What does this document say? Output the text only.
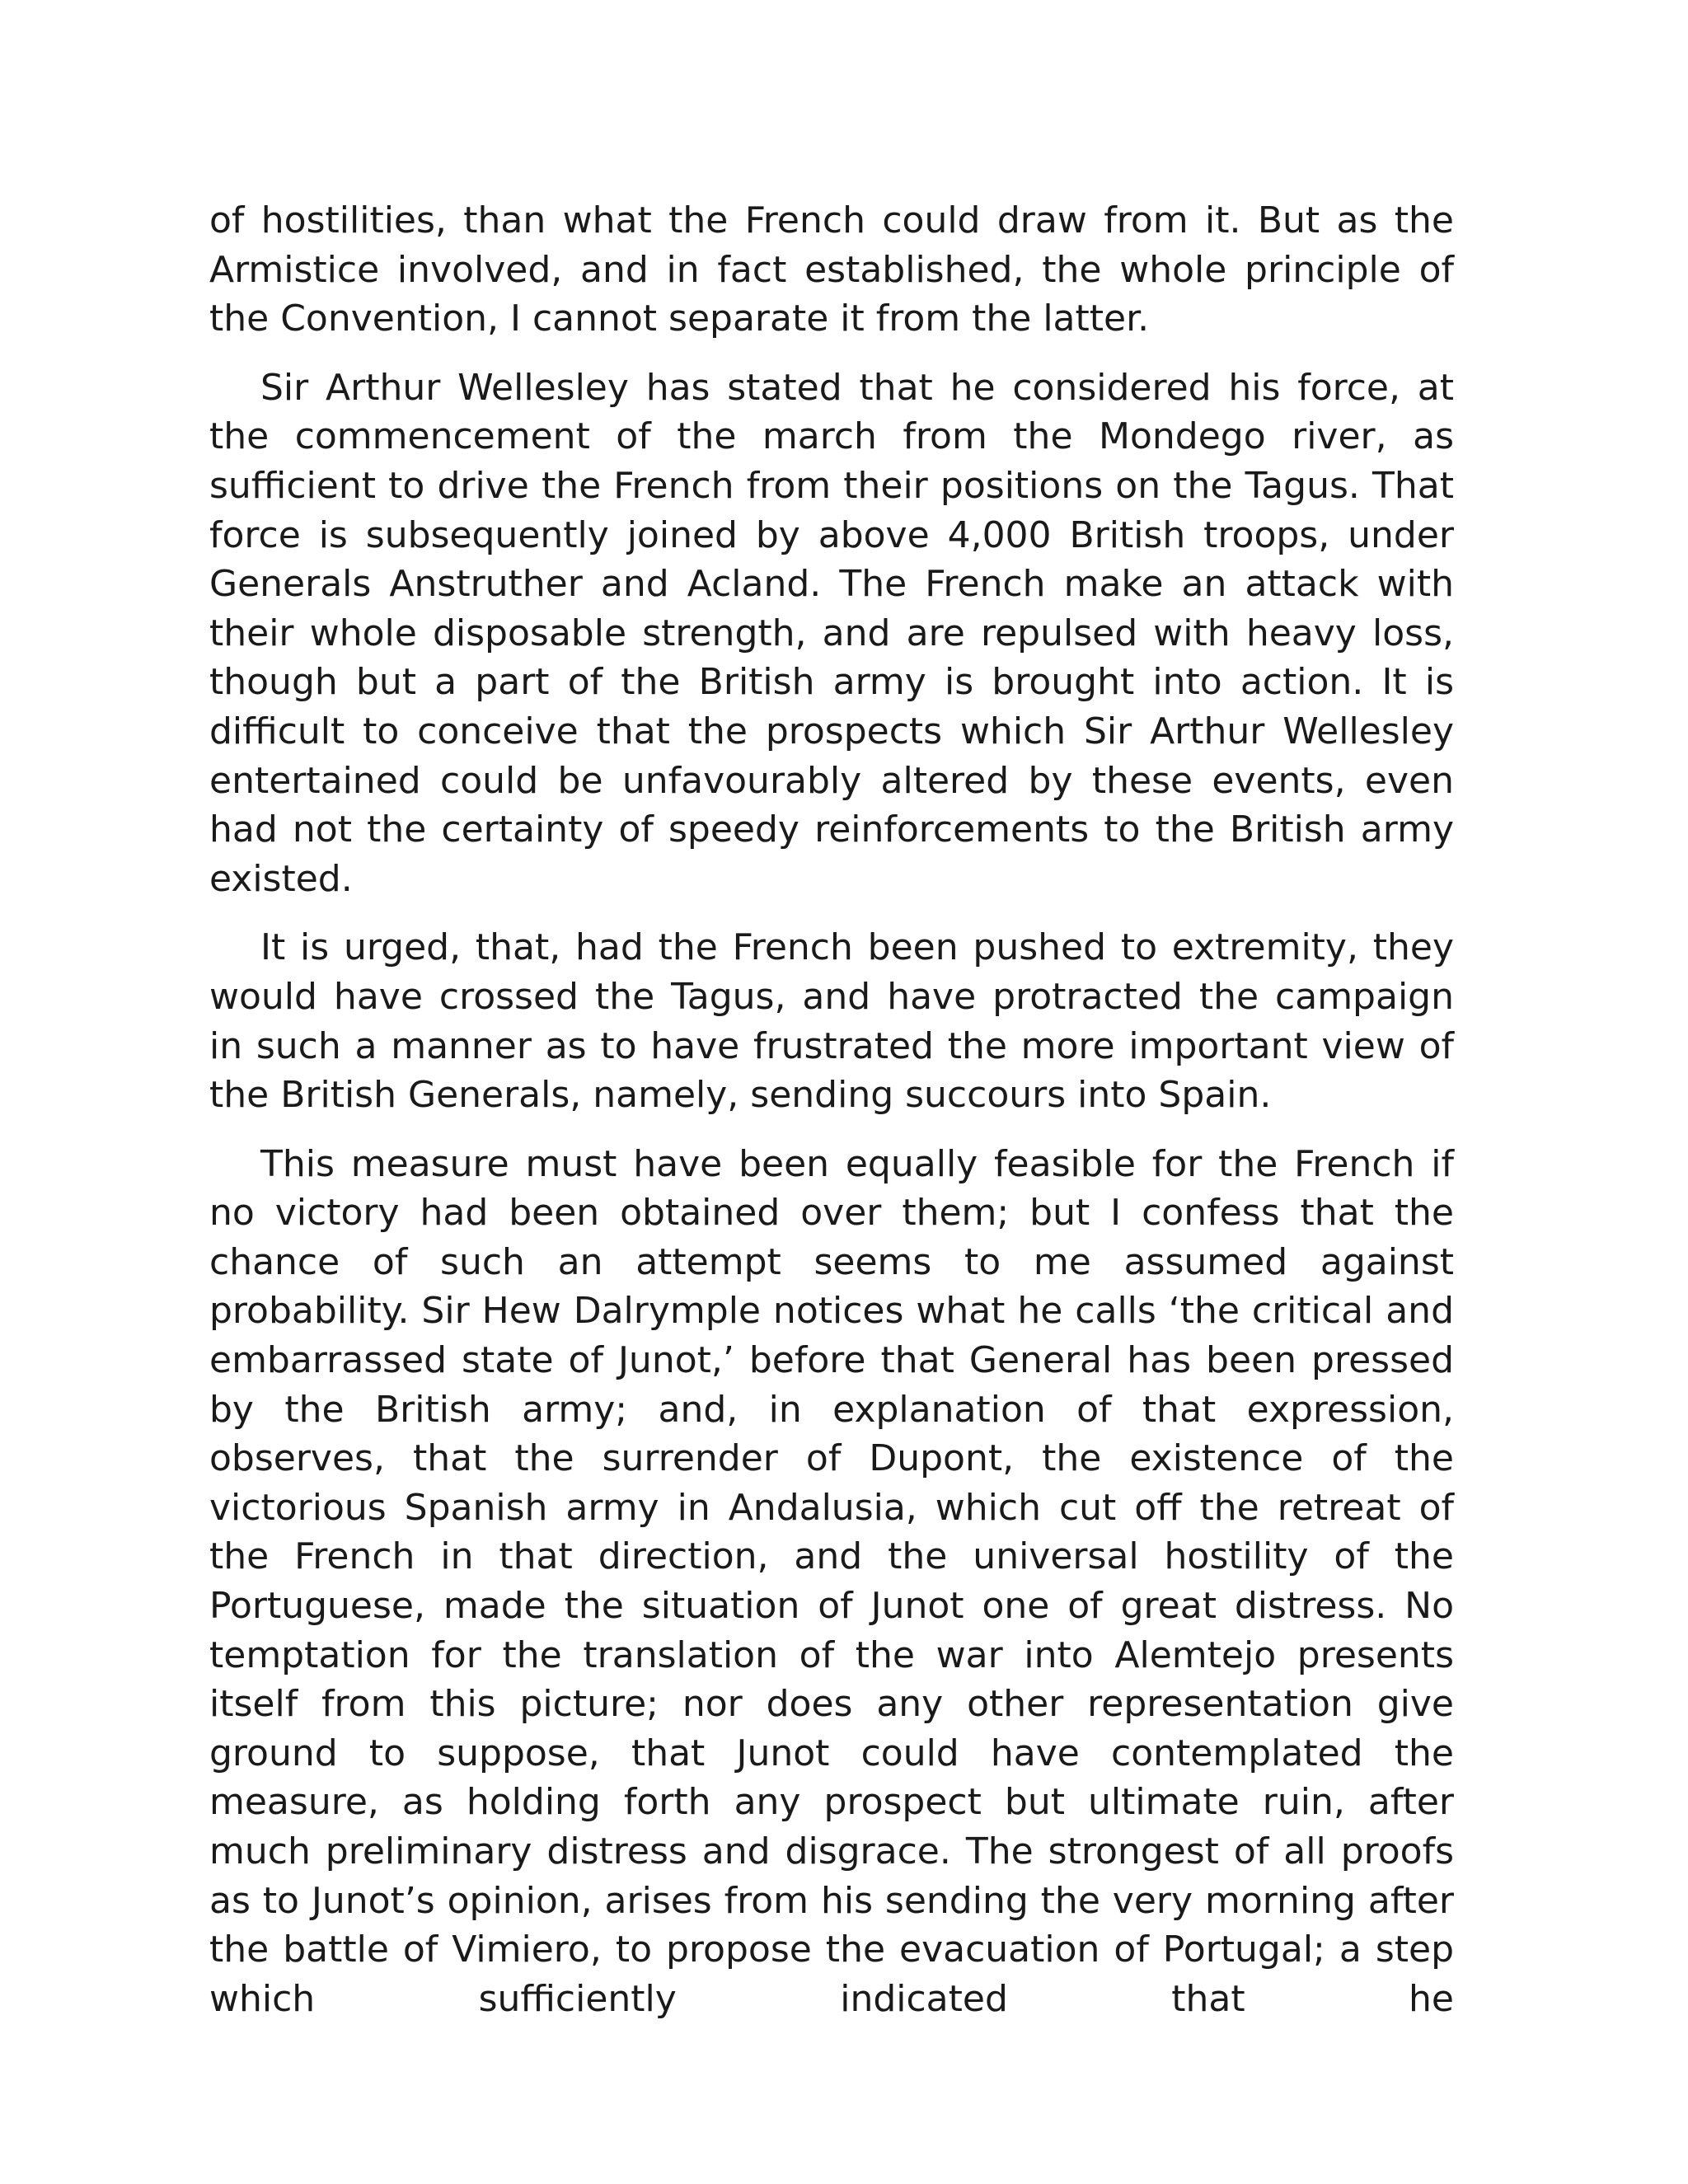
of hostilities, than what the French could draw from it. But as the Armistice involved, and in fact established, the whole principle of the Convention, I cannot separate it from the latter.

Sir Arthur Wellesley has stated that he considered his force, at the commencement of the march from the Mondego river, as sufficient to drive the French from their positions on the Tagus. That force is subsequently joined by above 4,000 British troops, under Generals Anstruther and Acland. The French make an attack with their whole disposable strength, and are repulsed with heavy loss, though but a part of the British army is brought into action. It is difficult to conceive that the prospects which Sir Arthur Wellesley entertained could be unfavourably altered by these events, even had not the certainty of speedy reinforcements to the British army existed.

It is urged, that, had the French been pushed to extremity, they would have crossed the Tagus, and have protracted the campaign in such a manner as to have frustrated the more important view of the British Generals, namely, sending succours into Spain.

This measure must have been equally feasible for the French if no victory had been obtained over them; but I confess that the chance of such an attempt seems to me assumed against probability. Sir Hew Dalrymple notices what he calls ‘the critical and embarrassed state of Junot,’ before that General has been pressed by the British army; and, in explanation of that expression, observes, that the surrender of Dupont, the existence of the victorious Spanish army in Andalusia, which cut off the retreat of the French in that direction, and the universal hostility of the Portuguese, made the situation of Junot one of great distress. No temptation for the translation of the war into Alemtejo presents itself from this picture; nor does any other representation give ground to suppose, that Junot could have contemplated the measure, as holding forth any prospect but ultimate ruin, after much preliminary distress and disgrace. The strongest of all proofs as to Junot’s opinion, arises from his sending the very morning after the battle of Vimiero, to propose the evacuation of Portugal; a step which sufficiently indicated that he
